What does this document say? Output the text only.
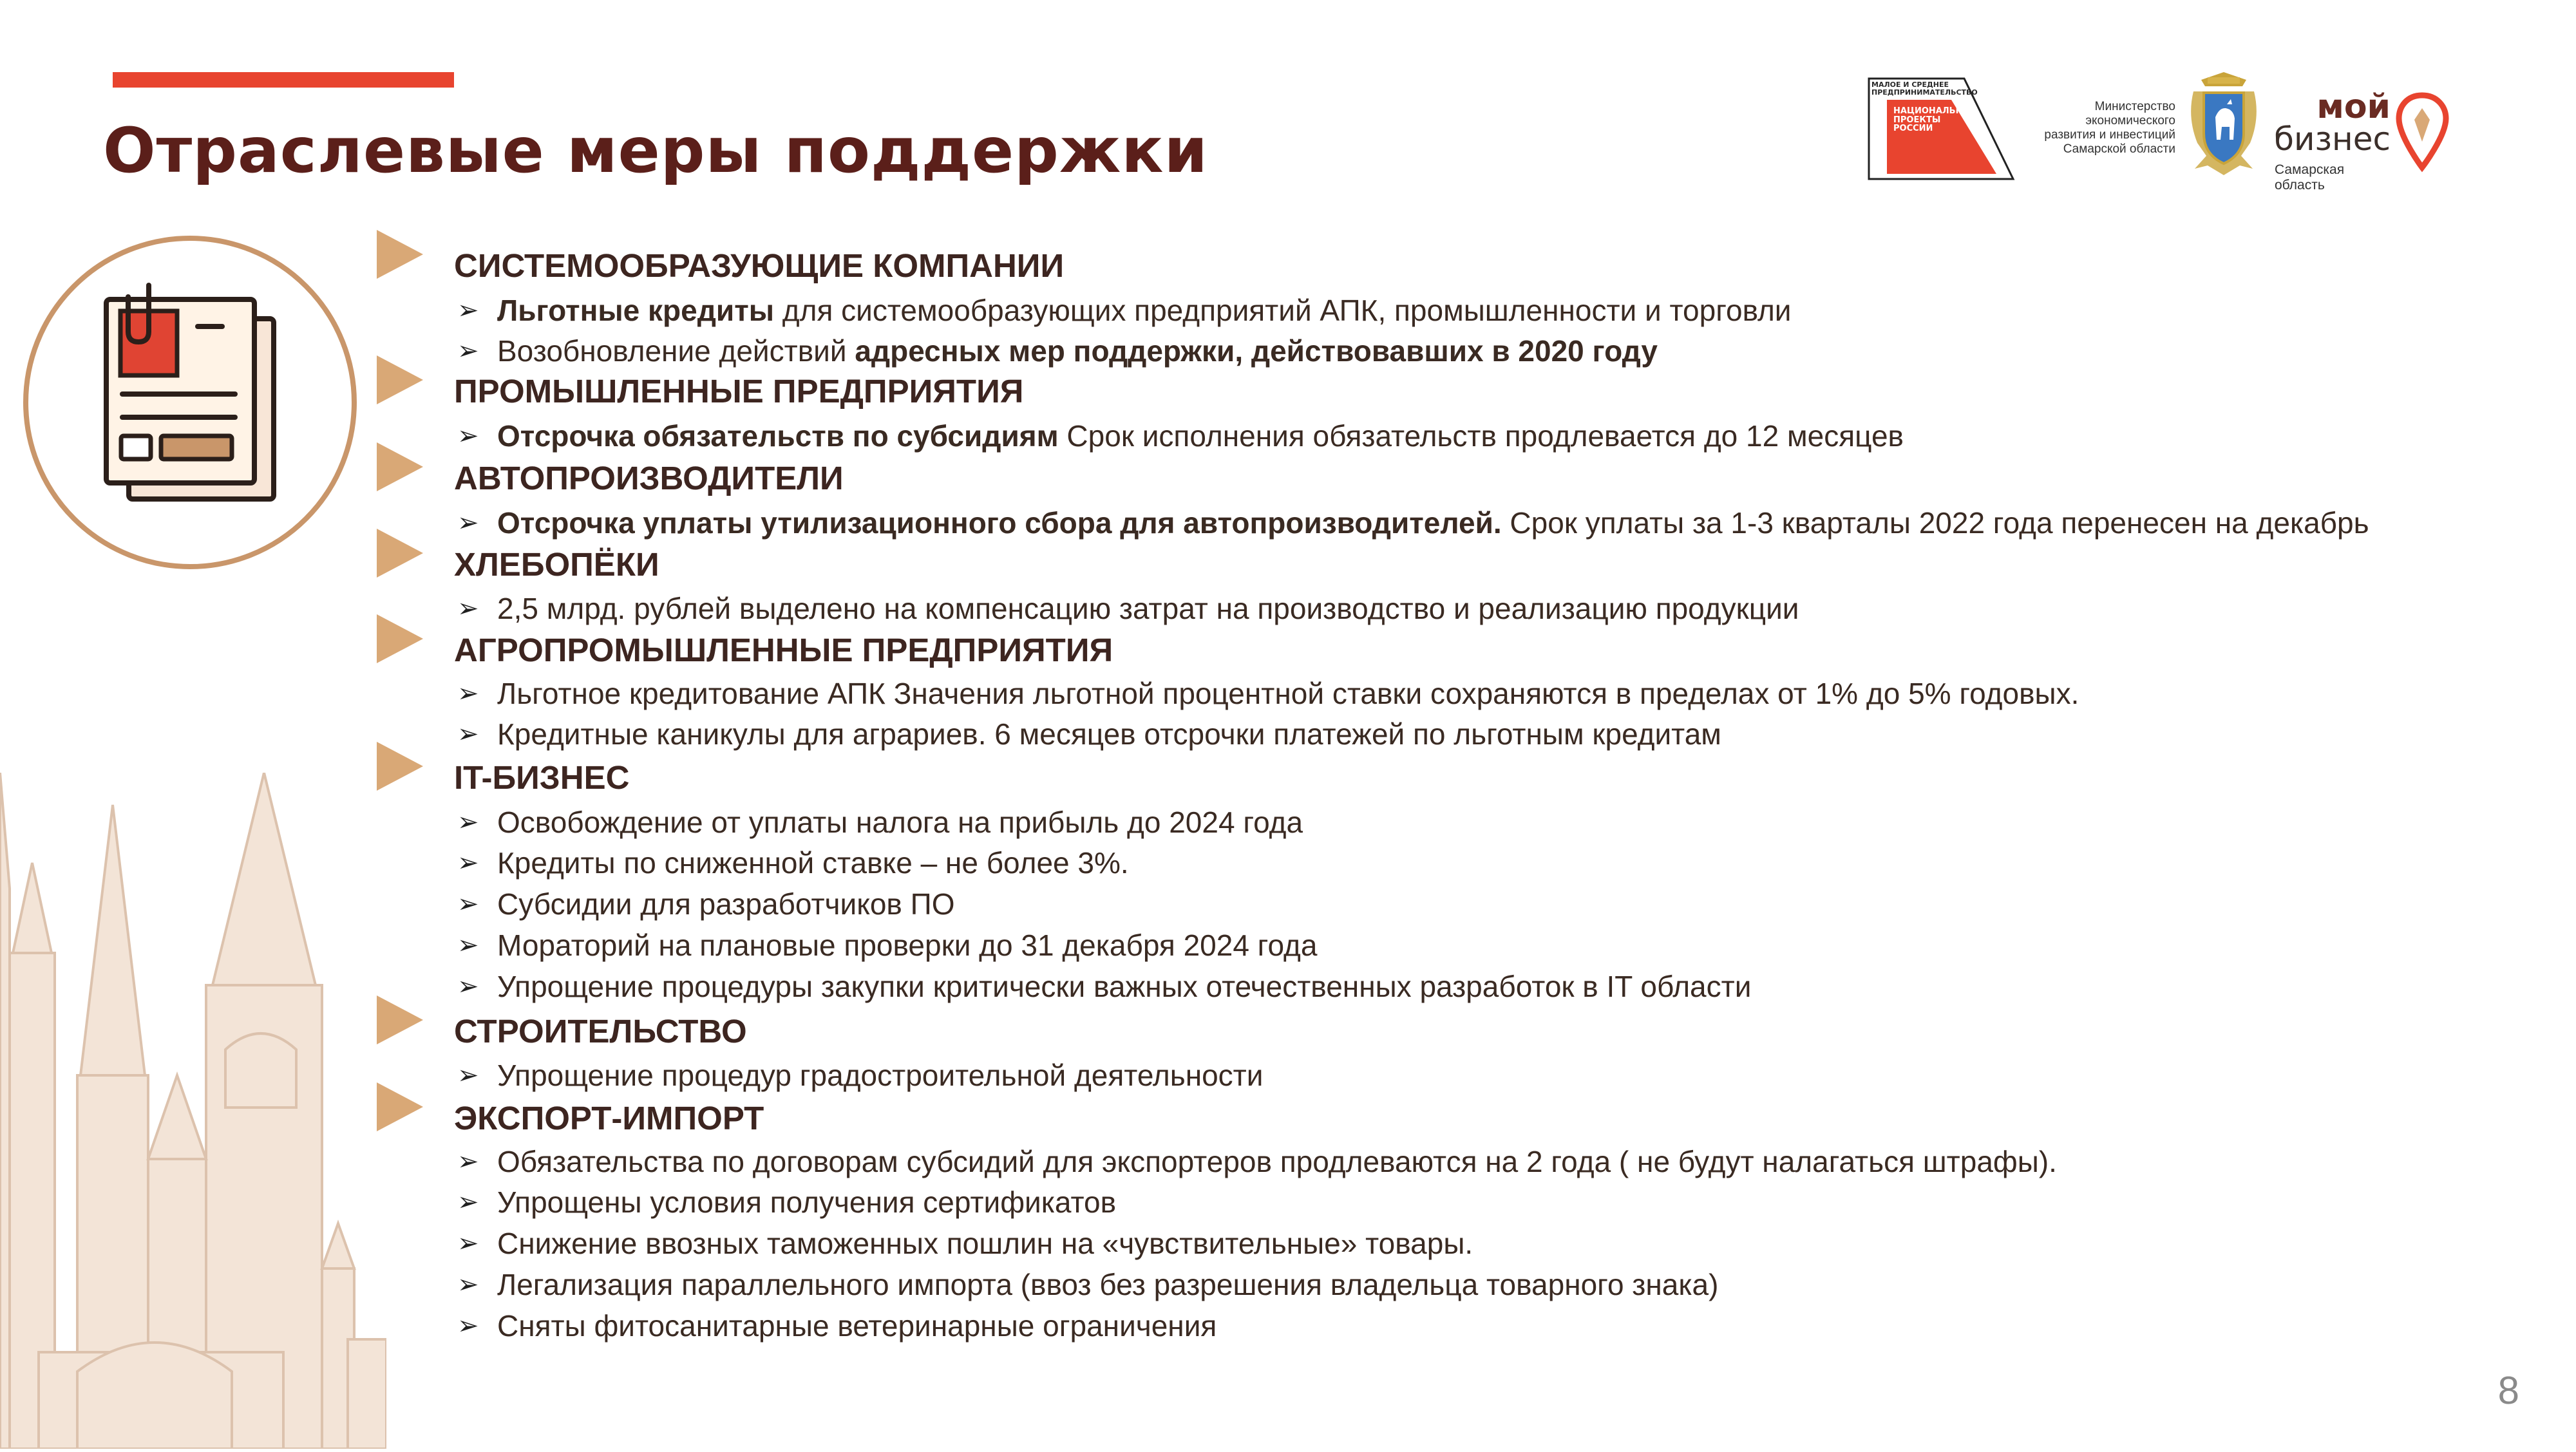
Отраслевые меры поддержки
МАЛОЕ И СРЕДНЕЕ ПРЕДПРИНИМАТЕЛЬСТВО
НАЦИОНАЛЬНЫЕ ПРОЕКТЫ РОССИИ
Министерство
экономического
развития и инвестиций
Самарской области
мой
бизнес
Самарская область
СИСТЕМООБРАЗУЮЩИЕ КОМПАНИИ
➢ Льготные кредиты для системообразующих предприятий АПК, промышленности и торговли
➢ Возобновление действий адресных мер поддержки, действовавших в 2020 году
ПРОМЫШЛЕННЫЕ ПРЕДПРИЯТИЯ
➢ Отсрочка обязательств по субсидиям Срок исполнения обязательств продлевается до 12 месяцев
АВТОПРОИЗВОДИТЕЛИ
➢ Отсрочка уплаты утилизационного сбора для автопроизводителей. Срок уплаты за 1-3 кварталы 2022 года перенесен на декабрь
ХЛЕБОПЁКИ
➢ 2,5 млрд. рублей выделено на компенсацию затрат на производство и реализацию продукции
АГРОПРОМЫШЛЕННЫЕ ПРЕДПРИЯТИЯ
➢ Льготное кредитование АПК Значения льготной процентной ставки сохраняются в пределах от 1% до 5% годовых.
➢ Кредитные каникулы для аграриев. 6 месяцев отсрочки платежей по льготным кредитам
IT-БИЗНЕС
➢ Освобождение от уплаты налога на прибыль до 2024 года
➢ Кредиты по сниженной ставке – не более 3%.
➢ Субсидии для разработчиков ПО
➢ Мораторий на плановые проверки до 31 декабря 2024 года
➢ Упрощение процедуры закупки критически важных отечественных разработок в IT области
СТРОИТЕЛЬСТВО
➢ Упрощение процедур градостроительной деятельности
ЭКСПОРТ-ИМПОРТ
➢ Обязательства по договорам субсидий для экспортеров продлеваются на 2 года ( не будут налагаться штрафы).
➢ Упрощены условия получения сертификатов
➢ Снижение ввозных таможенных пошлин на «чувствительные» товары.
➢ Легализация параллельного импорта (ввоз без разрешения владельца товарного знака)
➢ Сняты фитосанитарные ветеринарные ограничения
8
